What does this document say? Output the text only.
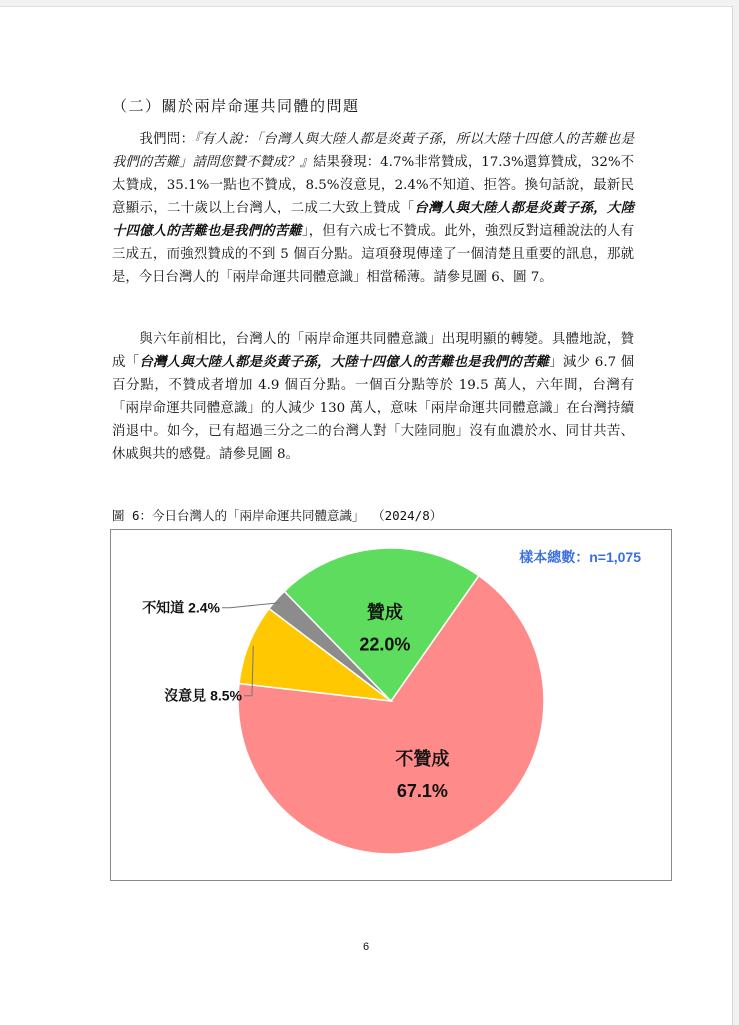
（二）關於兩岸命運共同體的問題

我們問：『有人說：「台灣人與大陸人都是炎黃子孫，所以大陸十四億人的苦難也是我們的苦難」請問您贊不贊成？』結果發現：4.7%非常贊成，17.3%還算贊成，32%不太贊成，35.1%一點也不贊成，8.5%沒意見，2.4%不知道、拒答。換句話說，最新民意顯示，二十歲以上台灣人，二成二大致上贊成「台灣人與大陸人都是炎黃子孫，大陸十四億人的苦難也是我們的苦難」，但有六成七不贊成。此外，強烈反對這種說法的人有三成五，而強烈贊成的不到 5 個百分點。這項發現傳達了一個清楚且重要的訊息，那就是，今日台灣人的「兩岸命運共同體意識」相當稀薄。請參見圖 6、圖 7。

與六年前相比，台灣人的「兩岸命運共同體意識」出現明顯的轉變。具體地說，贊成「台灣人與大陸人都是炎黃子孫，大陸十四億人的苦難也是我們的苦難」減少 6.7 個百分點，不贊成者增加 4.9 個百分點。一個百分點等於 19.5 萬人，六年間，台灣有「兩岸命運共同體意識」的人減少 130 萬人，意味「兩岸命運共同體意識」在台灣持續消退中。如今，已有超過三分之二的台灣人對「大陸同胞」沒有血濃於水、同甘共苦、休戚與共的感覺。請參見圖 8。

圖 6：今日台灣人的「兩岸命運共同體意識」 （2024/8）

不贊成
67.1%
沒意見 8.5%
不知道 2.4%	贊成
22.0%
樣本總數：n=1,075
6
